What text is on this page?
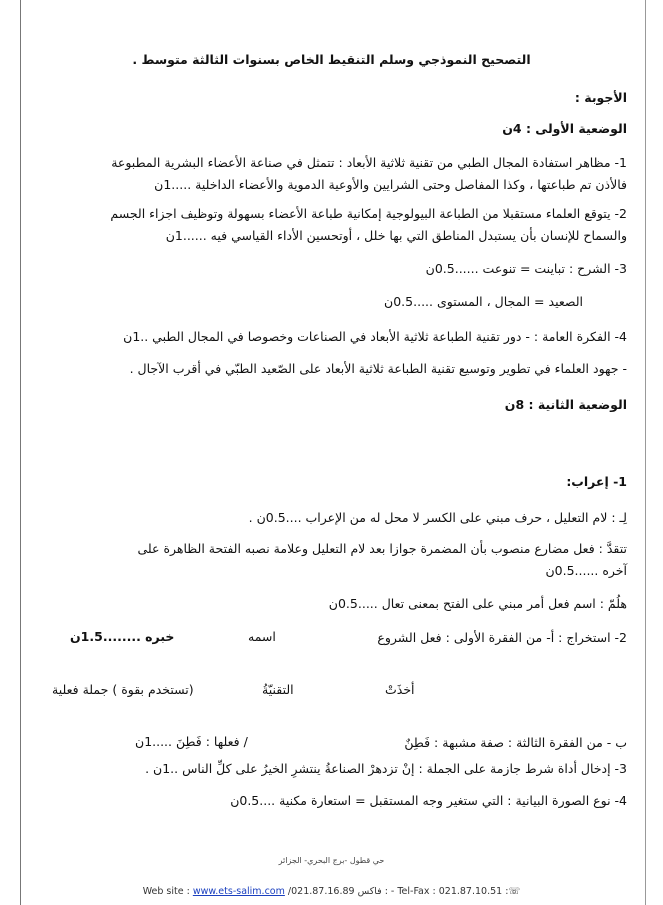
التصحيح النموذجي وسلم التنقيط الخاص بسنوات الثالثة متوسط .
الأجوبة :
الوضعية الأولى : 4ن
1- مظاهر استفادة المجال الطبي من تقنية ثلاثية الأبعاد : تتمثل في صناعة الأعضاء البشرية المطبوعة
فالأذن تم طباعتها ، وكذا المفاصل وحتى الشرايين والأوعية الدموية والأعضاء الداخلية .....1ن
2- يتوقع العلماء مستقبلا من الطباعة البيولوجية إمكانية طباعة الأعضاء بسهولة وتوظيف اجزاء الجسم
والسماح للإنسان بأن يستبدل المناطق التي بها خلل ، أوتحسين الأداء القياسي فيه ......1ن
3- الشرح : تباينت = تنوعت ......0.5ن
الصعيد = المجال ، المستوى .....0.5ن
4- الفكرة العامة : - دور تقنية الطباعة ثلاثية الأبعاد في الصناعات وخصوصا في المجال الطبي ..1ن
- جهود العلماء في تطوير وتوسيع تقنية الطباعة ثلاثية الأبعاد على الصّعيد الطبّي في أقرب الآجال .
الوضعية الثانية : 8ن
1- إعراب:
لِـ : لام التعليل ، حرف مبني على الكسر لا محل له من الإعراب ....0.5ن .
تتقدَّ : فعل مضارع منصوب بأن المضمرة جوازا بعد لام التعليل وعلامة نصبه الفتحة الظاهرة على
آخره ......0.5ن
هلُمّ : اسم فعل أمر مبني على الفتح بمعنى تعال .....0.5ن
2- استخراج : أ- من الفقرة الأولى : فعل الشروع
اسمه
خبره ........1.5ن
أخذَتْ
التقنيّةُ
(تستخدم بقوة ) جملة فعلية
ب - من الفقرة الثالثة : صفة مشبهة : فَطِنٌ
/ فعلها : فَطِنَ .....1ن
3- إدخال أداة شرط جازمة على الجملة : إنْ تزدهرْ الصناعةُ ينتشرِ الخيرُ على كلِّ الناس ..1ن .
4- نوع الصورة البيانية : التي ستغير وجه المستقبل = استعارة مكنية ....0.5ن
حي قطول -برج البحري- الجزائر
Web site : www.ets-salim.com /021.87.16.89 فاكس : - Tel-Fax : 021.87.10.51 :☏
